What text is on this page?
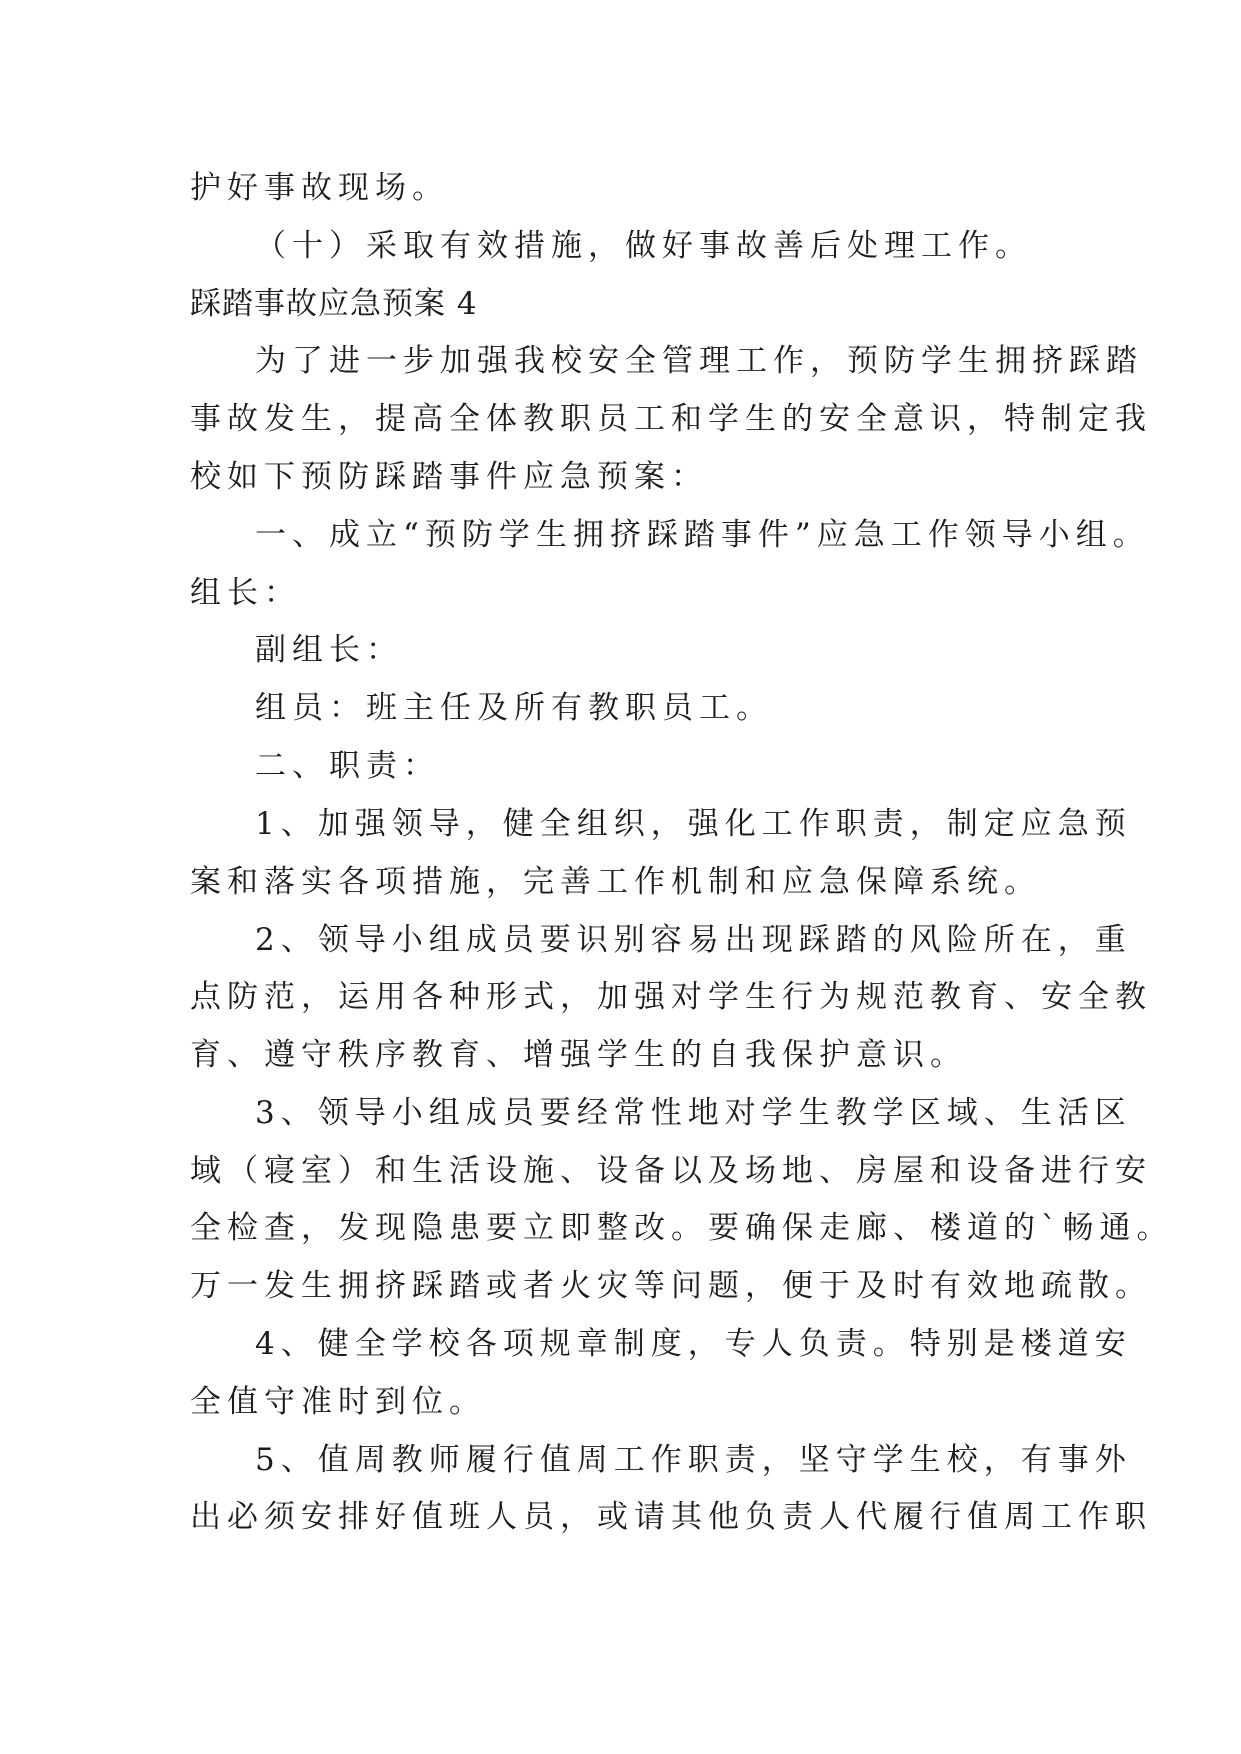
护好事故现场。
（十）采取有效措施，做好事故善后处理工作。
踩踏事故应急预案 4
为了进一步加强我校安全管理工作，预防学生拥挤踩踏
事故发生，提高全体教职员工和学生的安全意识，特制定我
校如下预防踩踏事件应急预案：
一、成立“预防学生拥挤踩踏事件”应急工作领导小组。
组长：
副组长：
组员：班主任及所有教职员工。
二、职责：
1、加强领导，健全组织，强化工作职责，制定应急预
案和落实各项措施，完善工作机制和应急保障系统。
2、领导小组成员要识别容易出现踩踏的风险所在，重
点防范，运用各种形式，加强对学生行为规范教育、安全教
育、遵守秩序教育、增强学生的自我保护意识。
3、领导小组成员要经常性地对学生教学区域、生活区
域（寝室）和生活设施、设备以及场地、房屋和设备进行安
全检查，发现隐患要立即整改。要确保走廊、楼道的`畅通。
万一发生拥挤踩踏或者火灾等问题，便于及时有效地疏散。
4、健全学校各项规章制度，专人负责。特别是楼道安
全值守准时到位。
5、值周教师履行值周工作职责，坚守学生校，有事外
出必须安排好值班人员，或请其他负责人代履行值周工作职
